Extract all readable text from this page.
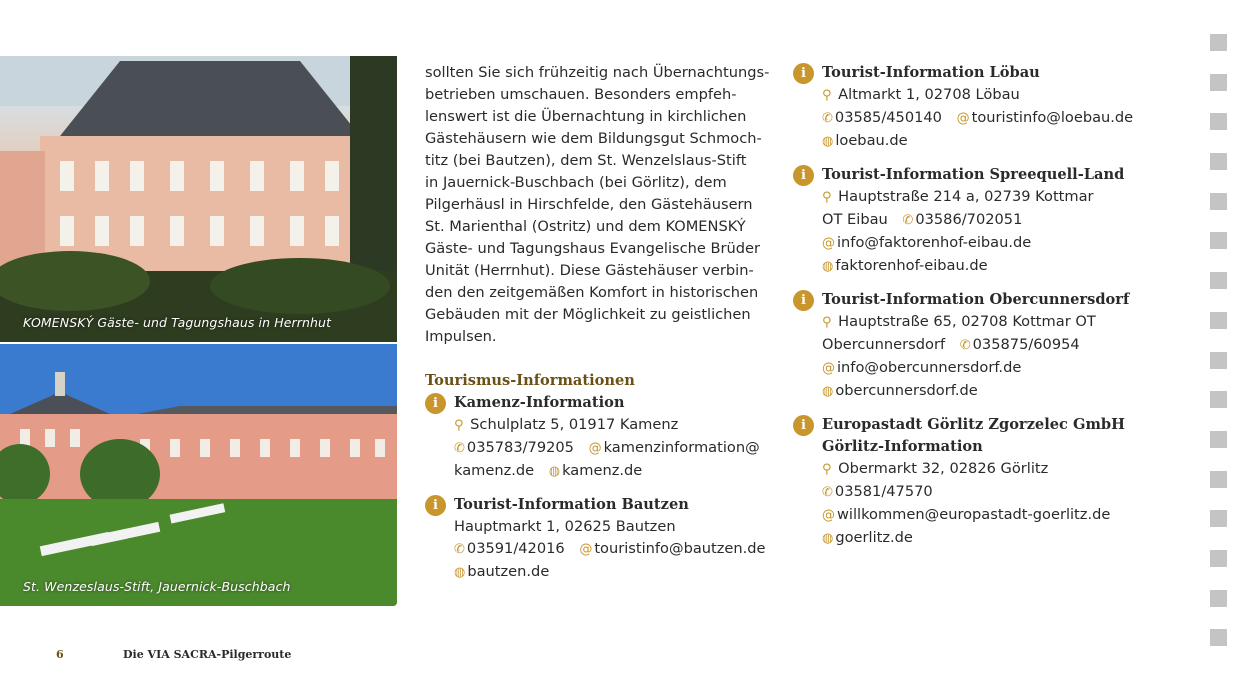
KOMENSKÝ Gäste- und Tagungshaus in Herrnhut
St. Wenzeslaus-Stift, Jauernick-Buschbach

sollten Sie sich frühzeitig nach Übernachtungs-
betrieben umschauen. Besonders empfeh-
lenswert ist die Übernachtung in kirchlichen
Gästehäusern wie dem Bildungsgut Schmoch-
titz (bei Bautzen), dem St. Wenzelslaus-Stift
in Jauernick-Buschbach (bei Görlitz), dem
Pilgerhäusl in Hirschfelde, den Gästehäusern
St. Marienthal (Ostritz) und dem KOMENSKÝ
Gäste- und Tagungshaus Evangelische Brüder
Unität (Herrnhut). Diese Gästehäuser verbin-
den den zeitgemäßen Komfort in historischen
Gebäuden mit der Möglichkeit zu geistlichen
Impulsen.

Tourismus-Informationen
i	Kamenz-Information
⚲ Schulplatz 5, 01917 Kamenz
✆ 035783/79205 @ kamenzinformation@
kamenz.de ◍ kamenz.de
i	Tourist-Information Bautzen
Hauptmarkt 1, 02625 Bautzen
✆ 03591/42016 @ touristinfo@bautzen.de
◍ bautzen.de
i	Tourist-Information Löbau
⚲ Altmarkt 1, 02708 Löbau
✆ 03585/450140 @ touristinfo@loebau.de
◍ loebau.de
i	Tourist-Information Spreequell-Land
⚲ Hauptstraße 214 a, 02739 Kottmar
OT Eibau ✆ 03586/702051
@ info@faktorenhof-eibau.de
◍ faktorenhof-eibau.de
i	Tourist-Information Obercunnersdorf
⚲ Hauptstraße 65, 02708 Kottmar OT
Obercunnersdorf ✆ 035875/60954
@ info@obercunnersdorf.de
◍ obercunnersdorf.de
i	Europastadt Görlitz Zgorzelec GmbH
Görlitz-Information
⚲ Obermarkt 32, 02826 Görlitz
✆ 03581/47570
@ willkommen@europastadt-goerlitz.de
◍ goerlitz.de
6	Die VIA SACRA-Pilgerroute
